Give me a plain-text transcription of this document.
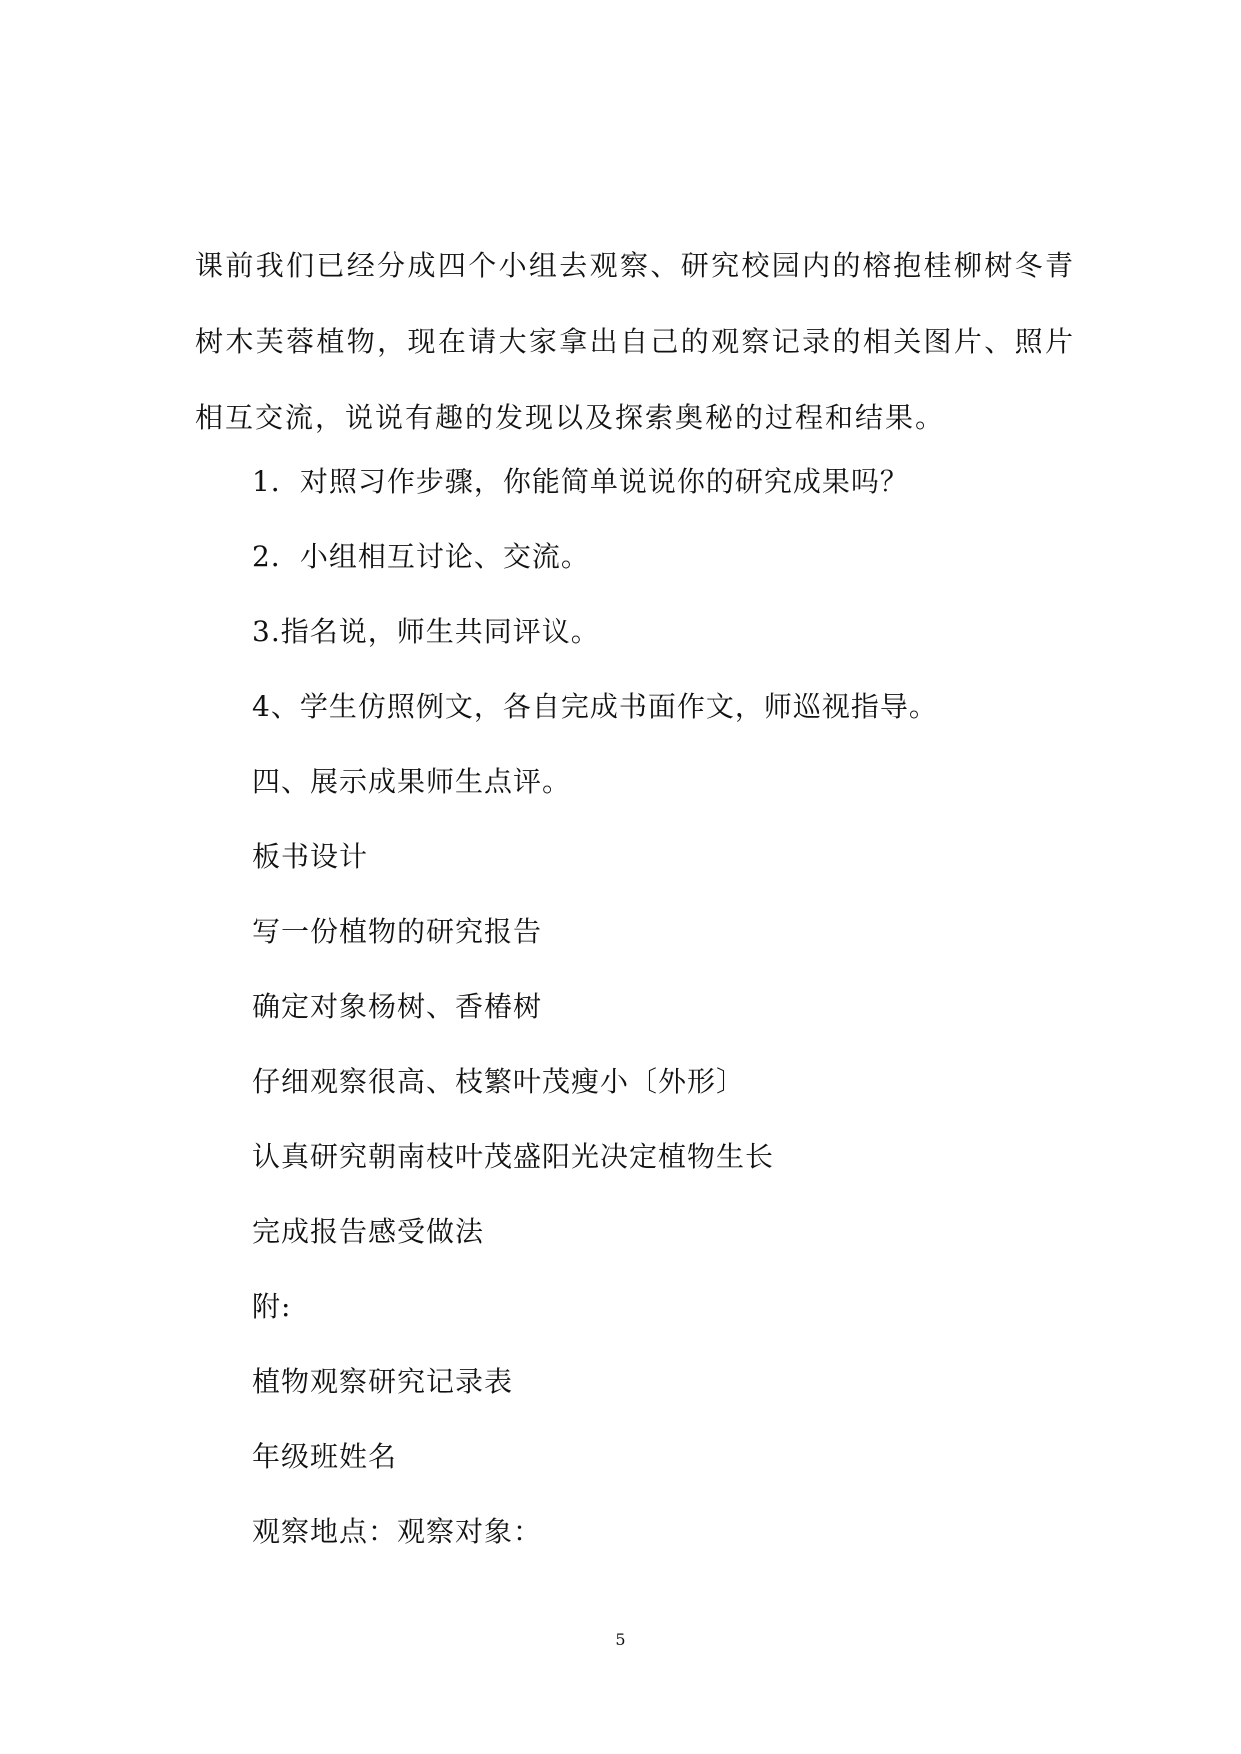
课前我们已经分成四个小组去观察、研究校园内的榕抱桂柳树冬青树木芙蓉植物，现在请大家拿出自己的观察记录的相关图片、照片相互交流，说说有趣的发现以及探索奥秘的过程和结果。

1．对照习作步骤，你能简单说说你的研究成果吗？

2．小组相互讨论、交流。

3.指名说，师生共同评议。

4、学生仿照例文，各自完成书面作文，师巡视指导。

四、展示成果师生点评。

板书设计

写一份植物的研究报告

确定对象杨树、香椿树

仔细观察很高、枝繁叶茂瘦小〔外形〕

认真研究朝南枝叶茂盛阳光决定植物生长

完成报告感受做法

附:

植物观察研究记录表

年级班姓名

观察地点：观察对象：

5
